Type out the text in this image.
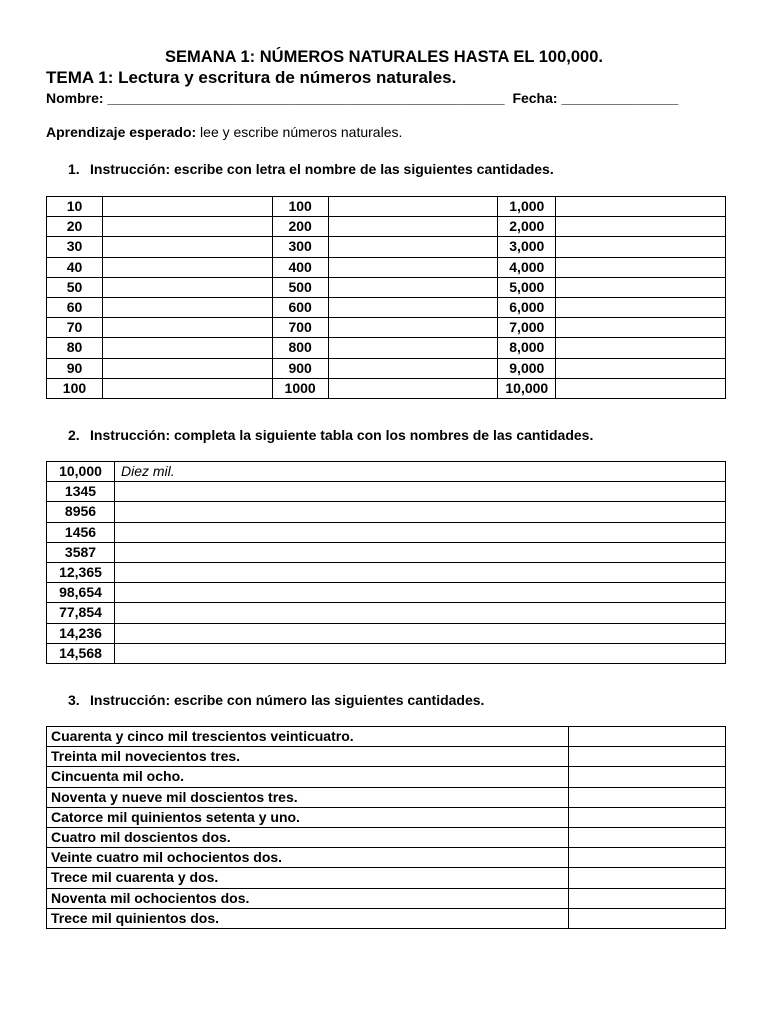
SEMANA 1: NÚMEROS NATURALES HASTA EL 100,000.
TEMA 1: Lectura y escritura de números naturales.
Nombre: ___________________________________________________ Fecha: _______________
Aprendizaje esperado: lee y escribe números naturales.
1. Instrucción: escribe con letra el nombre de las siguientes cantidades.
10		100		1,000	
20		200		2,000	
30		300		3,000	
40		400		4,000	
50		500		5,000	
60		600		6,000	
70		700		7,000	
80		800		8,000	
90		900		9,000	
100		1000		10,000	
2. Instrucción: completa la siguiente tabla con los nombres de las cantidades.
10,000	Diez mil.
1345	
8956	
1456	
3587	
12,365	
98,654	
77,854	
14,236	
14,568	
3. Instrucción: escribe con número las siguientes cantidades.
Cuarenta y cinco mil trescientos veinticuatro.	
Treinta mil novecientos tres.	
Cincuenta mil ocho.	
Noventa y nueve mil doscientos tres.	
Catorce mil quinientos setenta y uno.	
Cuatro mil doscientos dos.	
Veinte cuatro mil ochocientos dos.	
Trece mil cuarenta y dos.	
Noventa mil ochocientos dos.	
Trece mil quinientos dos.	
